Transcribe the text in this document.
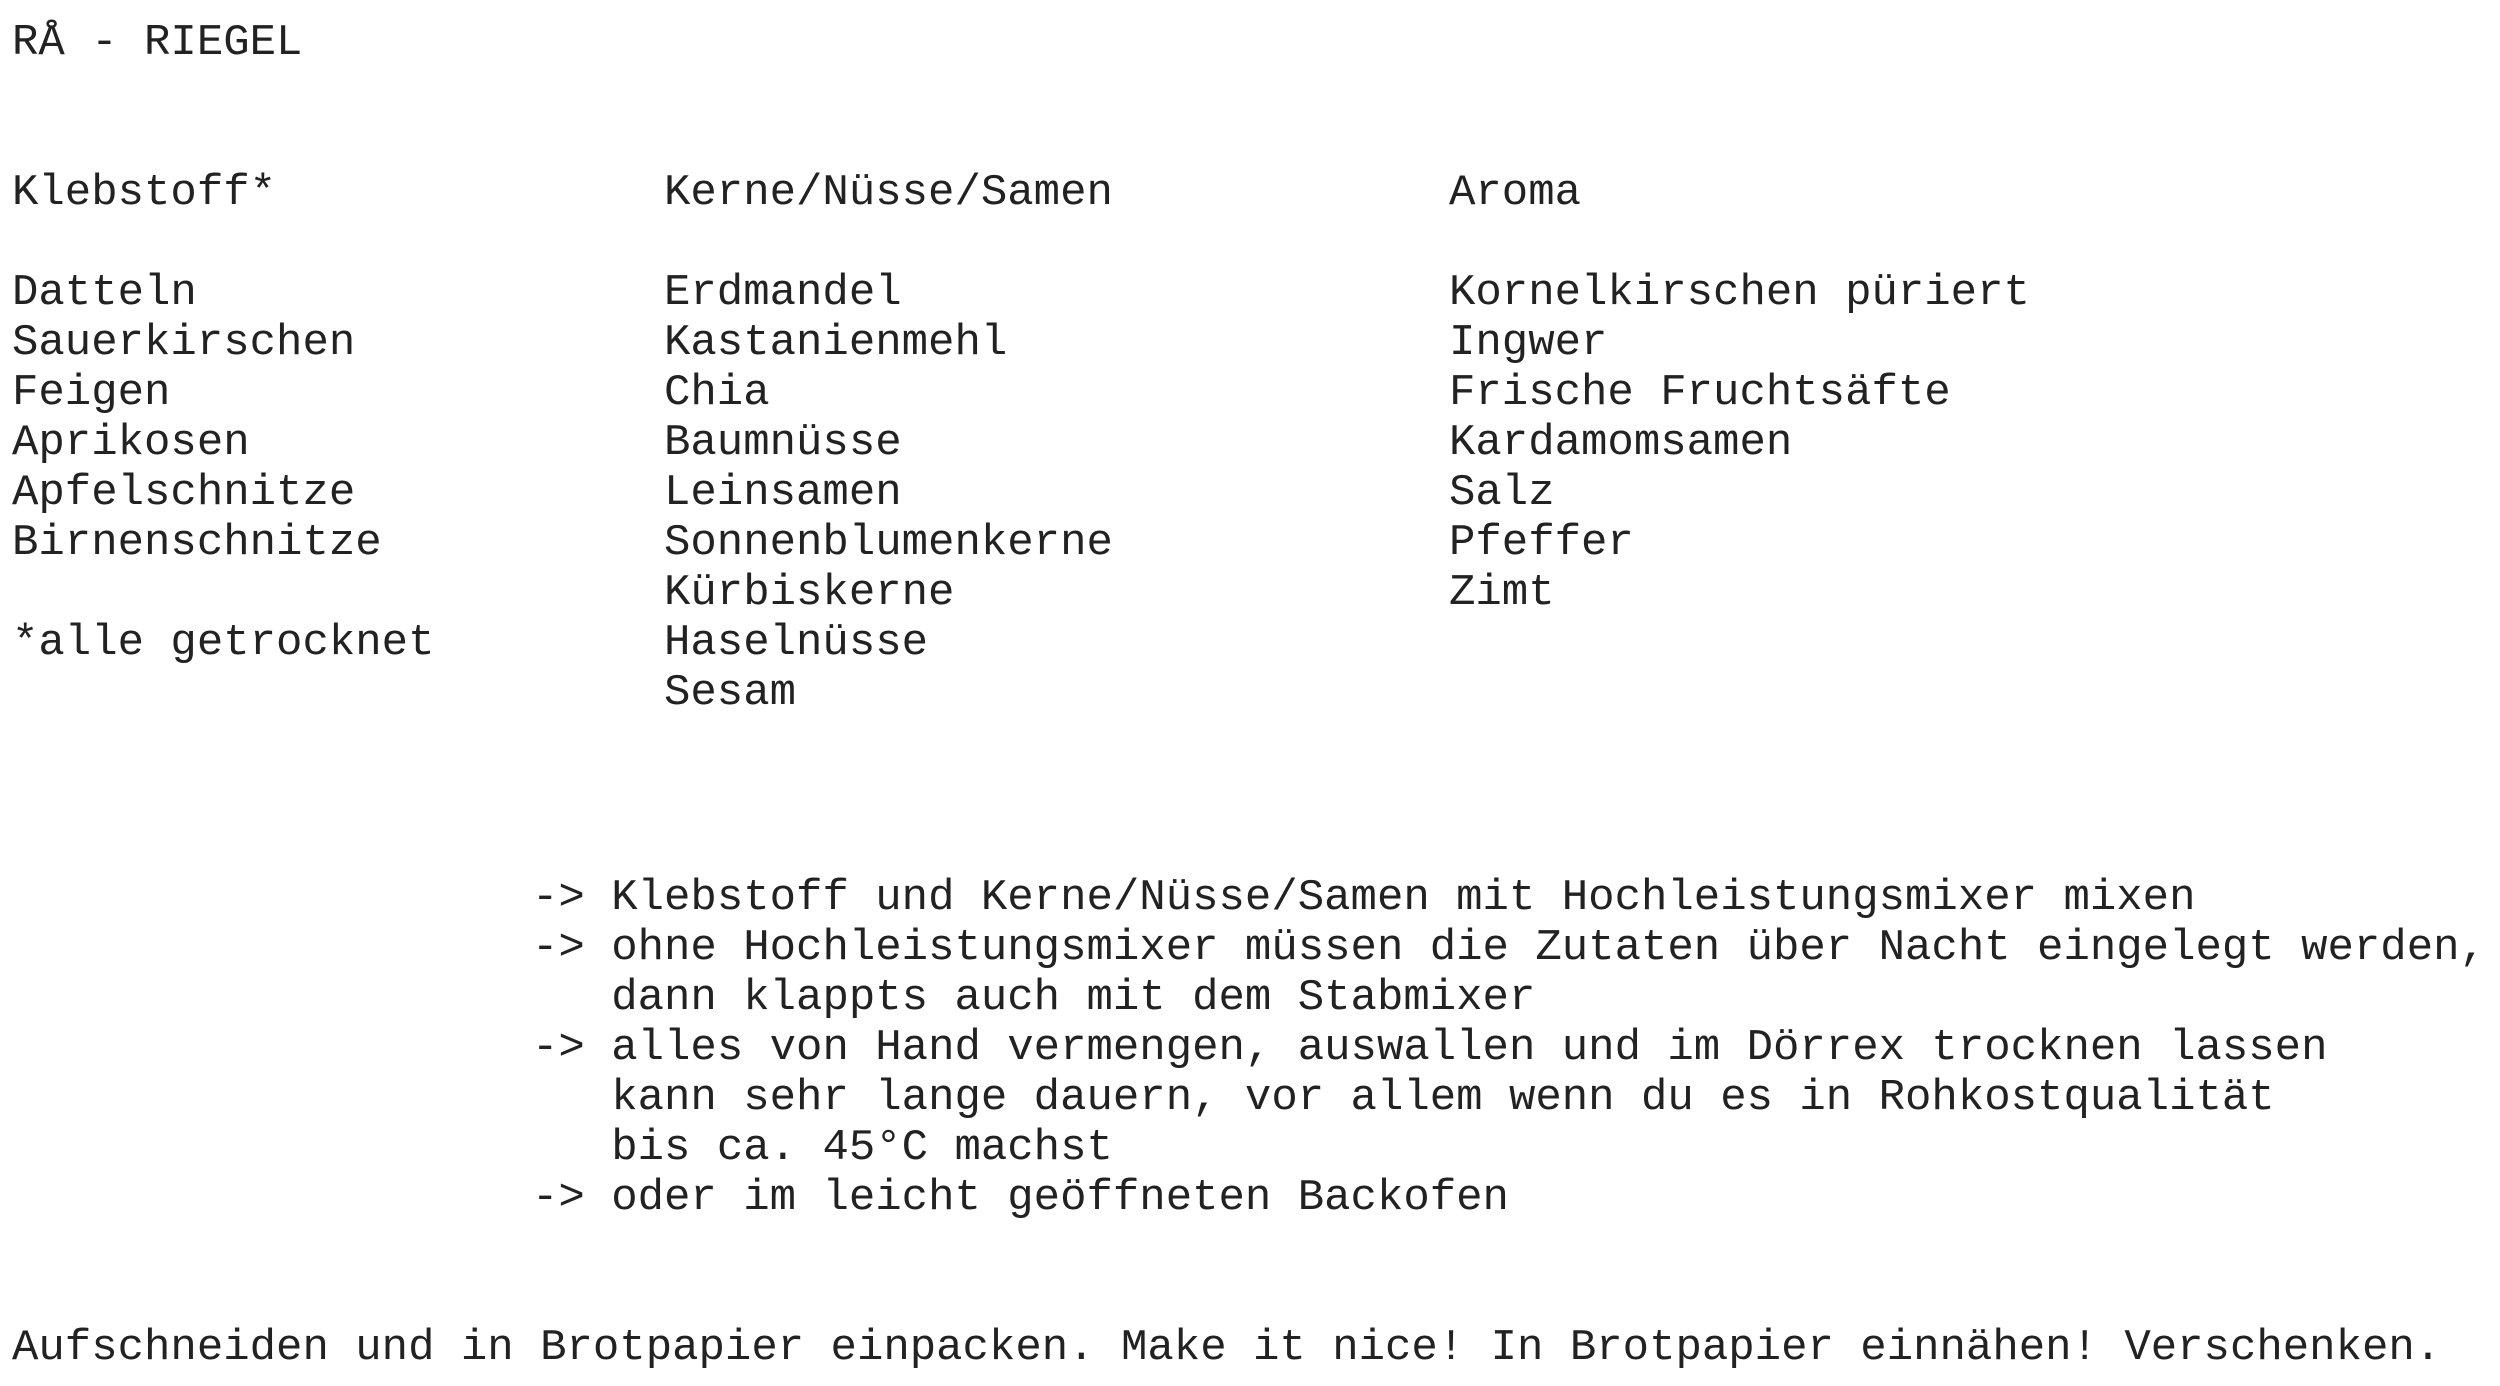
RÅ - RIEGEL
Klebstoff*
Datteln
Sauerkirschen
Feigen
Aprikosen
Apfelschnitze
Birnenschnitze
*alle getrocknet
Kerne/Nüsse/Samen
Erdmandel
Kastanienmehl
Chia
Baumnüsse
Leinsamen
Sonnenblumenkerne
Kürbiskerne
Haselnüsse
Sesam
Aroma
Kornelkirschen püriert
Ingwer
Frische Fruchtsäfte
Kardamomsamen
Salz
Pfeffer
Zimt
-> Klebstoff und Kerne/Nüsse/Samen mit Hochleistungsmixer mixen
-> ohne Hochleistungsmixer müssen die Zutaten über Nacht eingelegt werden,
dann klappts auch mit dem Stabmixer
-> alles von Hand vermengen, auswallen und im Dörrex trocknen lassen
kann sehr lange dauern, vor allem wenn du es in Rohkostqualität
bis ca. 45°C machst
-> oder im leicht geöffneten Backofen
Aufschneiden und in Brotpapier einpacken. Make it nice! In Brotpapier einnähen! Verschenken.
